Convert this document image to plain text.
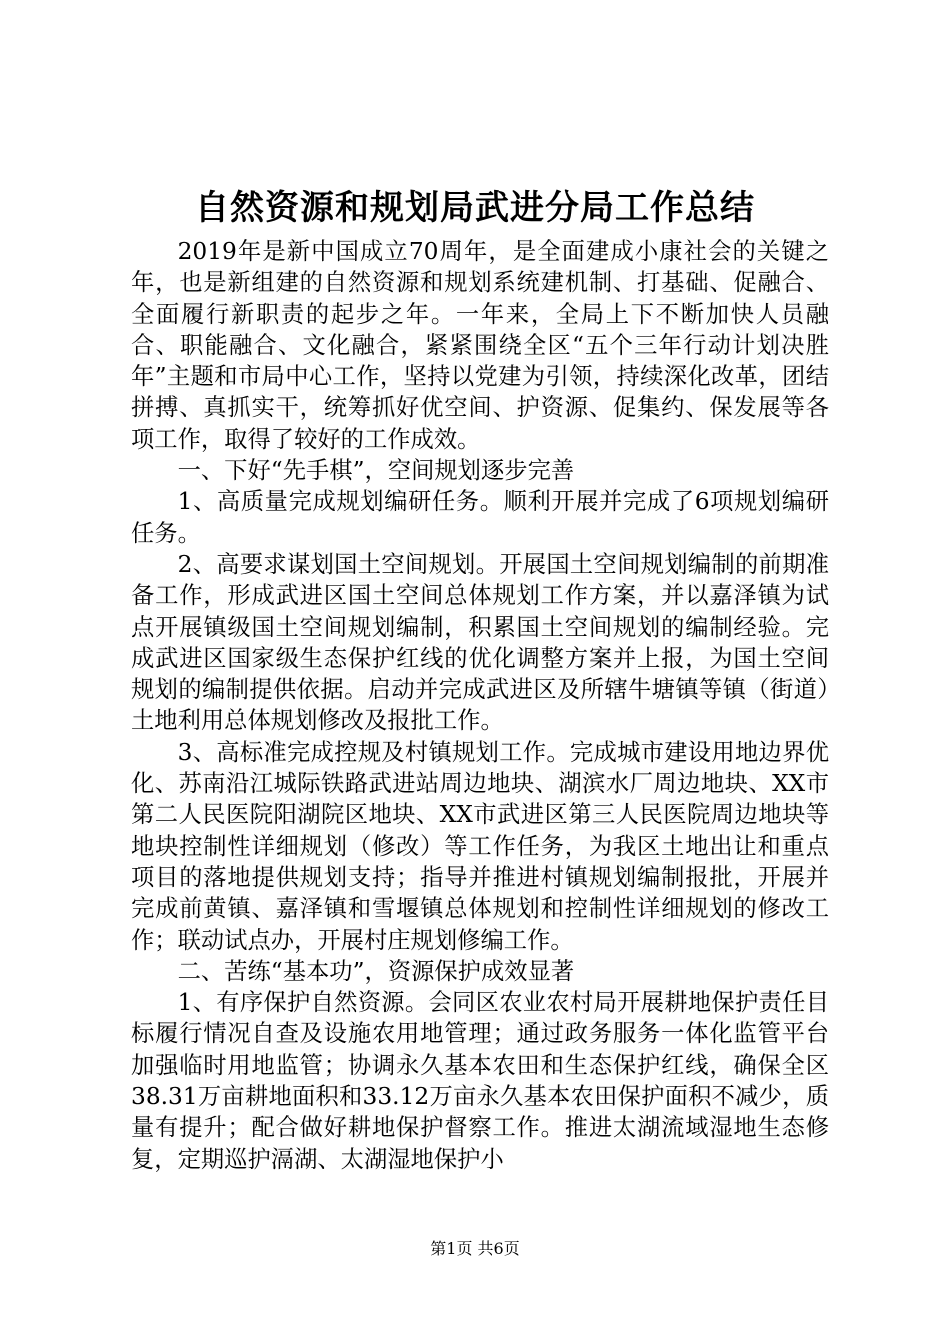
自然资源和规划局武进分局工作总结

2019年是新中国成立70周年，是全面建成小康社会的关键之年，也是新组建的自然资源和规划系统建机制、打基础、促融合、全面履行新职责的起步之年。一年来，全局上下不断加快人员融合、职能融合、文化融合，紧紧围绕全区“五个三年行动计划决胜年”主题和市局中心工作，坚持以党建为引领，持续深化改革，团结拼搏、真抓实干，统筹抓好优空间、护资源、促集约、保发展等各项工作，取得了较好的工作成效。

一、下好“先手棋”，空间规划逐步完善

1、高质量完成规划编研任务。顺利开展并完成了6项规划编研任务。

2、高要求谋划国土空间规划。开展国土空间规划编制的前期准备工作，形成武进区国土空间总体规划工作方案，并以嘉泽镇为试点开展镇级国土空间规划编制，积累国土空间规划的编制经验。完成武进区国家级生态保护红线的优化调整方案并上报，为国土空间规划的编制提供依据。启动并完成武进区及所辖牛塘镇等镇（街道）土地利用总体规划修改及报批工作。

3、高标准完成控规及村镇规划工作。完成城市建设用地边界优化、苏南沿江城际铁路武进站周边地块、湖滨水厂周边地块、XX市第二人民医院阳湖院区地块、XX市武进区第三人民医院周边地块等地块控制性详细规划（修改）等工作任务，为我区土地出让和重点项目的落地提供规划支持；指导并推进村镇规划编制报批，开展并完成前黄镇、嘉泽镇和雪堰镇总体规划和控制性详细规划的修改工作；联动试点办，开展村庄规划修编工作。

二、苦练“基本功”，资源保护成效显著

1、有序保护自然资源。会同区农业农村局开展耕地保护责任目标履行情况自查及设施农用地管理；通过政务服务一体化监管平台加强临时用地监管；协调永久基本农田和生态保护红线，确保全区38.31万亩耕地面积和33.12万亩永久基本农田保护面积不减少，质量有提升；配合做好耕地保护督察工作。推进太湖流域湿地生态修复，定期巡护滆湖、太湖湿地保护小

第1页 共6页
